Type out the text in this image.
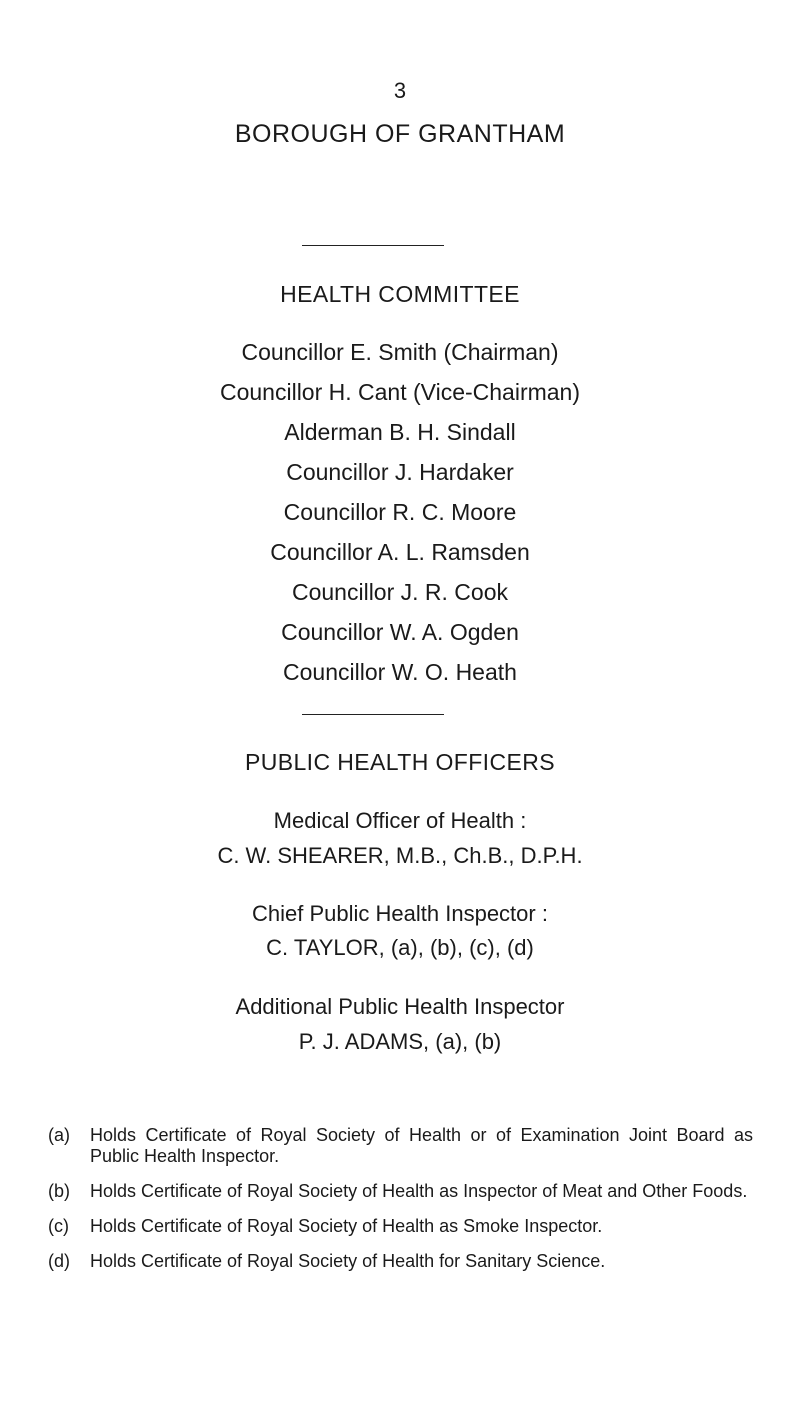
3
BOROUGH OF GRANTHAM
HEALTH COMMITTEE
Councillor E. Smith (Chairman)
Councillor H. Cant (Vice-Chairman)
Alderman B. H. Sindall
Councillor J. Hardaker
Councillor R. C. Moore
Councillor A. L. Ramsden
Councillor J. R. Cook
Councillor W. A. Ogden
Councillor W. O. Heath
PUBLIC HEALTH OFFICERS
Medical Officer of Health :
C. W. SHEARER, M.B., Ch.B., D.P.H.
Chief Public Health Inspector :
C. TAYLOR, (a), (b), (c), (d)
Additional Public Health Inspector
P. J. ADAMS, (a), (b)
(a)	Holds Certificate of Royal Society of Health or of Examination Joint Board as Public Health Inspector.
(b)	Holds Certificate of Royal Society of Health as Inspector of Meat and Other Foods.
(c)	Holds Certificate of Royal Society of Health as Smoke Inspector.
(d)	Holds Certificate of Royal Society of Health for Sanitary Science.
